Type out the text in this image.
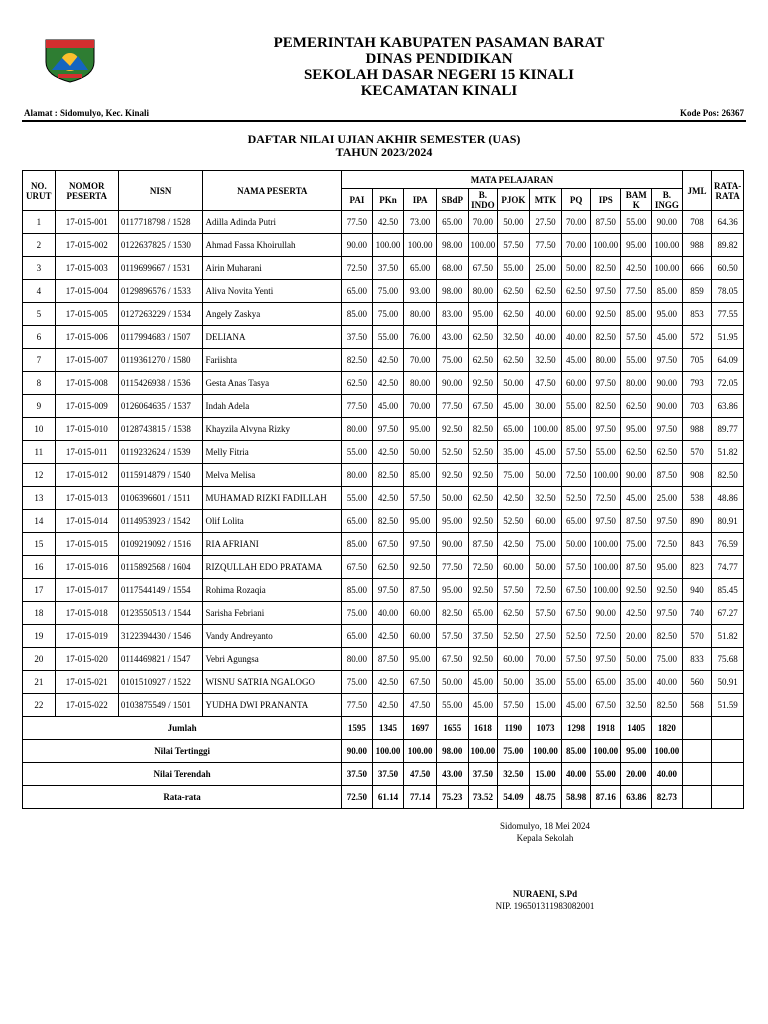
PEMERINTAH KABUPATEN PASAMAN BARAT
DINAS PENDIDIKAN
SEKOLAH DASAR NEGERI 15 KINALI
KECAMATAN KINALI
Alamat : Sidomulyo, Kec. Kinali	Kode Pos: 26367
DAFTAR NILAI UJIAN AKHIR SEMESTER (UAS)
TAHUN 2023/2024
NO. URUT	NOMOR PESERTA	NISN	NAMA PESERTA	MATA PELAJARAN											JML	RATA-RATA
				PAI	PKn	IPA	SBdP	B. INDO	PJOK	MTK	PQ	IPS	BAM K	B. INGG		
1	17-015-001	0117718798 / 1528	Adilla Adinda Putri	77.50	42.50	73.00	65.00	70.00	50.00	27.50	70.00	87.50	55.00	90.00	708	64.36
2	17-015-002	0122637825 / 1530	Ahmad Fassa Khoirullah	90.00	100.00	100.00	98.00	100.00	57.50	77.50	70.00	100.00	95.00	100.00	988	89.82
3	17-015-003	0119699667 / 1531	Airin Muharani	72.50	37.50	65.00	68.00	67.50	55.00	25.00	50.00	82.50	42.50	100.00	666	60.50
4	17-015-004	0129896576 / 1533	Aliva Novita Yenti	65.00	75.00	93.00	98.00	80.00	62.50	62.50	62.50	97.50	77.50	85.00	859	78.05
5	17-015-005	0127263229 / 1534	Angely Zaskya	85.00	75.00	80.00	83.00	95.00	62.50	40.00	60.00	92.50	85.00	95.00	853	77.55
6	17-015-006	0117994683 / 1507	DELIANA	37.50	55.00	76.00	43.00	62.50	32.50	40.00	40.00	82.50	57.50	45.00	572	51.95
7	17-015-007	0119361270 / 1580	Fariishta	82.50	42.50	70.00	75.00	62.50	62.50	32.50	45.00	80.00	55.00	97.50	705	64.09
8	17-015-008	0115426938 / 1536	Gesta Anas Tasya	62.50	42.50	80.00	90.00	92.50	50.00	47.50	60.00	97.50	80.00	90.00	793	72.05
9	17-015-009	0126064635 / 1537	Indah Adela	77.50	45.00	70.00	77.50	67.50	45.00	30.00	55.00	82.50	62.50	90.00	703	63.86
10	17-015-010	0128743815 / 1538	Khayzila Alvyna Rizky	80.00	97.50	95.00	92.50	82.50	65.00	100.00	85.00	97.50	95.00	97.50	988	89.77
11	17-015-011	0119232624 / 1539	Melly Fitria	55.00	42.50	50.00	52.50	52.50	35.00	45.00	57.50	55.00	62.50	62.50	570	51.82
12	17-015-012	0115914879 / 1540	Melva Melisa	80.00	82.50	85.00	92.50	92.50	75.00	50.00	72.50	100.00	90.00	87.50	908	82.50
13	17-015-013	0106396601 / 1511	MUHAMAD RIZKI FADILLAH	55.00	42.50	57.50	50.00	62.50	42.50	32.50	52.50	72.50	45.00	25.00	538	48.86
14	17-015-014	0114953923 / 1542	Olif Lolita	65.00	82.50	95.00	95.00	92.50	52.50	60.00	65.00	97.50	87.50	97.50	890	80.91
15	17-015-015	0109219092 / 1516	RIA AFRIANI	85.00	67.50	97.50	90.00	87.50	42.50	75.00	50.00	100.00	75.00	72.50	843	76.59
16	17-015-016	0115892568 / 1604	RIZQULLAH EDO PRATAMA	67.50	62.50	92.50	77.50	72.50	60.00	50.00	57.50	100.00	87.50	95.00	823	74.77
17	17-015-017	0117544149 / 1554	Rohima Rozaqia	85.00	97.50	87.50	95.00	92.50	57.50	72.50	67.50	100.00	92.50	92.50	940	85.45
18	17-015-018	0123550513 / 1544	Sarisha Febriani	75.00	40.00	60.00	82.50	65.00	62.50	57.50	67.50	90.00	42.50	97.50	740	67.27
19	17-015-019	3122394430 / 1546	Vandy Andreyanto	65.00	42.50	60.00	57.50	37.50	52.50	27.50	52.50	72.50	20.00	82.50	570	51.82
20	17-015-020	0114469821 / 1547	Vebri Agungsa	80.00	87.50	95.00	67.50	92.50	60.00	70.00	57.50	97.50	50.00	75.00	833	75.68
21	17-015-021	0101510927 / 1522	WISNU SATRIA NGALOGO	75.00	42.50	67.50	50.00	45.00	50.00	35.00	55.00	65.00	35.00	40.00	560	50.91
22	17-015-022	0103875549 / 1501	YUDHA DWI PRANANTA	77.50	42.50	47.50	55.00	45.00	57.50	15.00	45.00	67.50	32.50	82.50	568	51.59
Jumlah				1595	1345	1697	1655	1618	1190	1073	1298	1918	1405	1820		
Nilai Tertinggi				90.00	100.00	100.00	98.00	100.00	75.00	100.00	85.00	100.00	95.00	100.00		
Nilai Terendah				37.50	37.50	47.50	43.00	37.50	32.50	15.00	40.00	55.00	20.00	40.00		
Rata-rata				72.50	61.14	77.14	75.23	73.52	54.09	48.75	58.98	87.16	63.86	82.73		
Sidomulyo, 18 Mei 2024
Kepala Sekolah
NURAENI, S.Pd
NIP. 196501311983082001
